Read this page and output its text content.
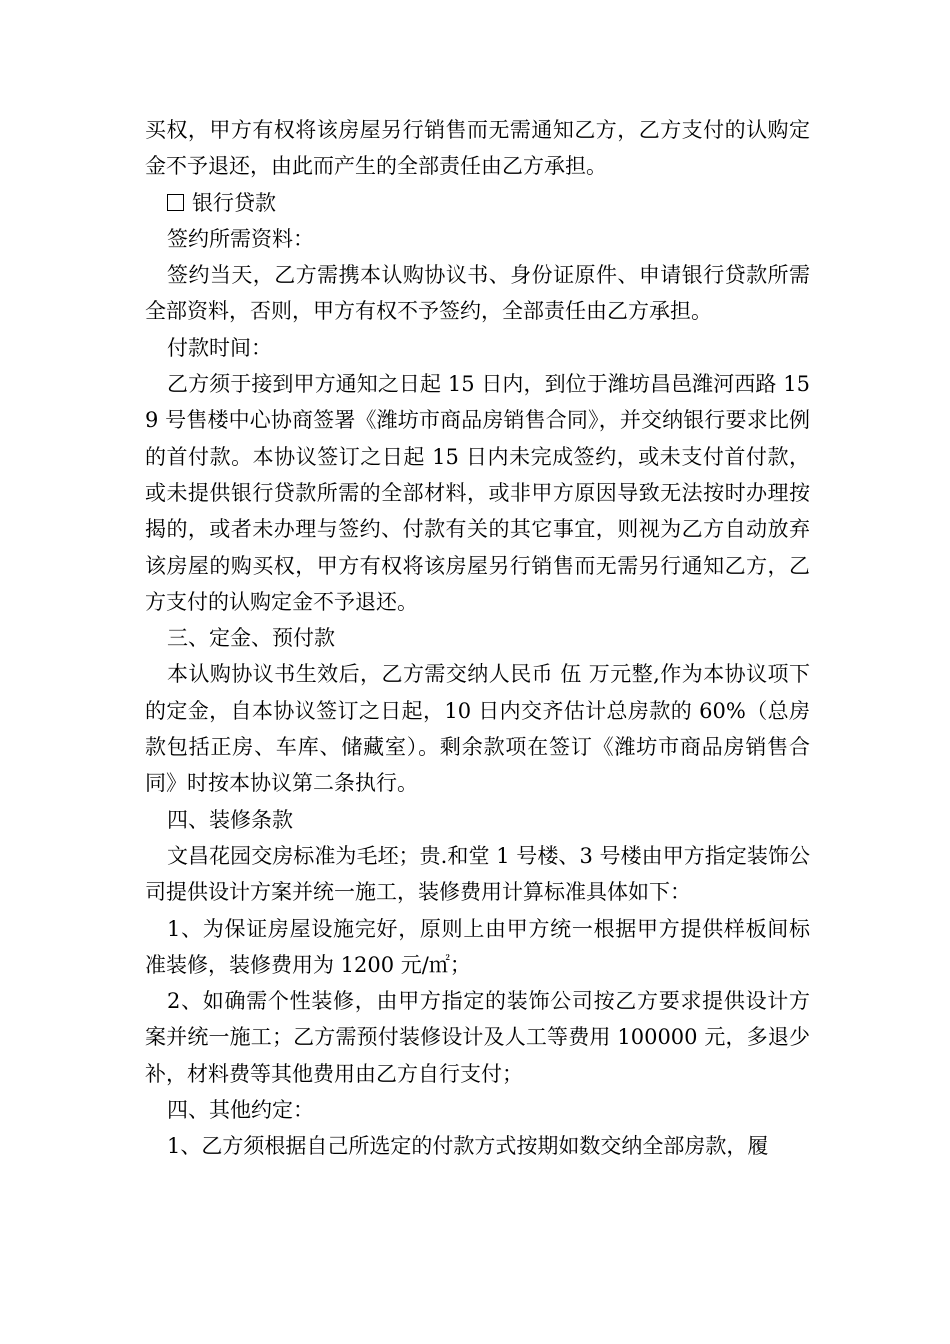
买权，甲方有权将该房屋另行销售而无需通知乙方，乙方支付的认购定金不予退还，由此而产生的全部责任由乙方承担。

银行贷款

签约所需资料：

签约当天，乙方需携本认购协议书、身份证原件、申请银行贷款所需全部资料，否则，甲方有权不予签约，全部责任由乙方承担。

付款时间：

乙方须于接到甲方通知之日起 15 日内，到位于潍坊昌邑潍河西路 159 号售楼中心协商签署《潍坊市商品房销售合同》，并交纳银行要求比例的首付款。本协议签订之日起 15 日内未完成签约，或未支付首付款，或未提供银行贷款所需的全部材料，或非甲方原因导致无法按时办理按揭的，或者未办理与签约、付款有关的其它事宜，则视为乙方自动放弃该房屋的购买权，甲方有权将该房屋另行销售而无需另行通知乙方，乙方支付的认购定金不予退还。

三、定金、预付款

本认购协议书生效后，乙方需交纳人民币 伍 万元整,作为本协议项下的定金，自本协议签订之日起，10 日内交齐估计总房款的 60%（总房款包括正房、车库、储藏室）。剩余款项在签订《潍坊市商品房销售合同》时按本协议第二条执行。

四、装修条款

文昌花园交房标准为毛坯；贵.和堂 1 号楼、3 号楼由甲方指定装饰公司提供设计方案并统一施工，装修费用计算标准具体如下：

1、为保证房屋设施完好，原则上由甲方统一根据甲方提供样板间标准装修，装修费用为 1200 元/㎡；

2、如确需个性装修，由甲方指定的装饰公司按乙方要求提供设计方案并统一施工；乙方需预付装修设计及人工等费用 100000 元，多退少补，材料费等其他费用由乙方自行支付；

四、其他约定：

1、乙方须根据自己所选定的付款方式按期如数交纳全部房款，履
